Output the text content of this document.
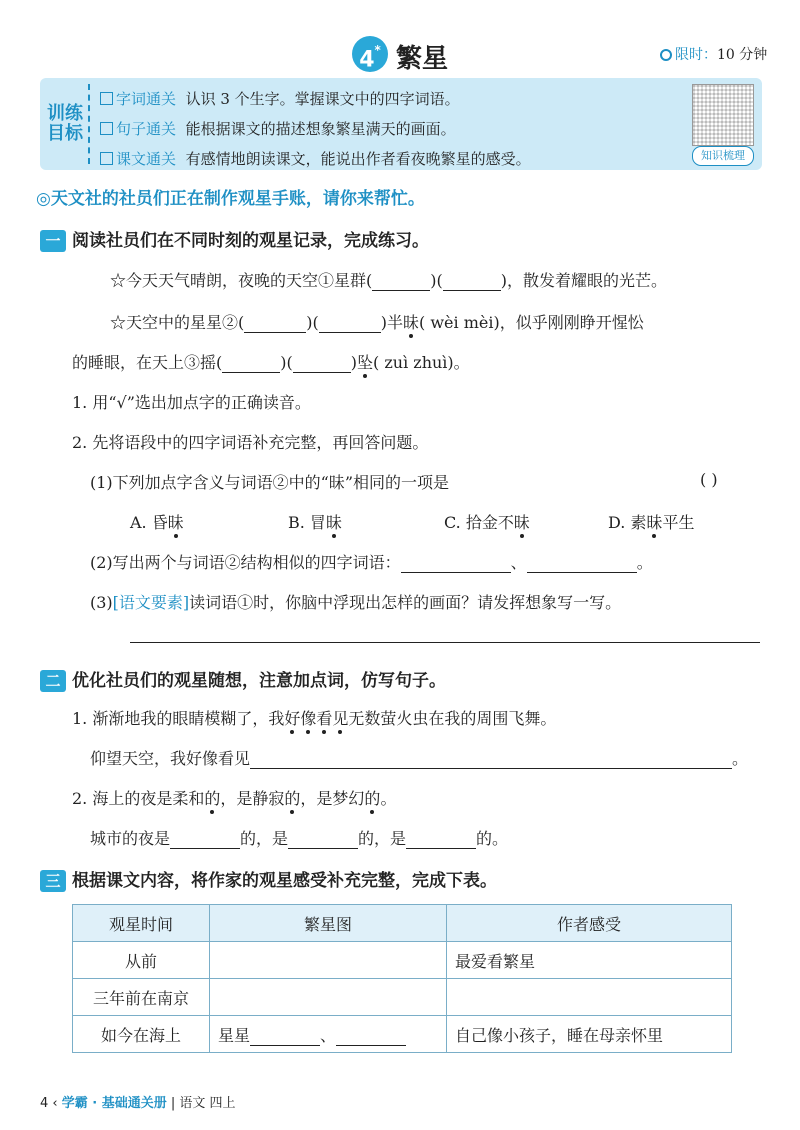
4* 繁星	限时：10 分钟
训 练
目 标
字词通关 认识 3 个生字。掌握课文中的四字词语。
句子通关 能根据课文的描述想象繁星满天的画面。
课文通关 有感情地朗读课文，能说出作者看夜晚繁星的感受。	知识梳理
◎天文社的社员们正在制作观星手账，请你来帮忙。
一 阅读社员们在不同时刻的观星记录，完成练习。
☆今天天气晴朗，夜晚的天空①星群(	)(	)，散发着耀眼的光芒。
☆天空中的星星②(	)(	)半昧( wèi mèi)，似乎刚刚睁开惺忪
的睡眼，在天上③摇(	)(	)坠( zuì zhuì)。
1. 用“√”选出加点字的正确读音。
2. 先将语段中的四字词语补充完整，再回答问题。
(1)下列加点字含义与词语②中的“昧”相同的一项是	( )
A. 昏昧	B. 冒昧	C. 拾金不昧	D. 素昧平生
(2)写出两个与词语②结构相似的四字词语：	、	。
(3)[语文要素]读词语①时，你脑中浮现出怎样的画面？请发挥想象写一写。
二 优化社员们的观星随想，注意加点词，仿写句子。
1. 渐渐地我的眼睛模糊了，我好像看见无数萤火虫在我的周围飞舞。
仰望天空，我好像看见	。
2. 海上的夜是柔和的，是静寂的，是梦幻的。
城市的夜是	的，是	的，是	的。
三 根据课文内容，将作家的观星感受补充完整，完成下表。
观星时间	繁星图	作者感受
从前		最爱看繁星
三年前在南京		
如今在海上	星星 、	自己像小孩子，睡在母亲怀里
4 ‹ 学霸 · 基础通关册 | 语文 四上
